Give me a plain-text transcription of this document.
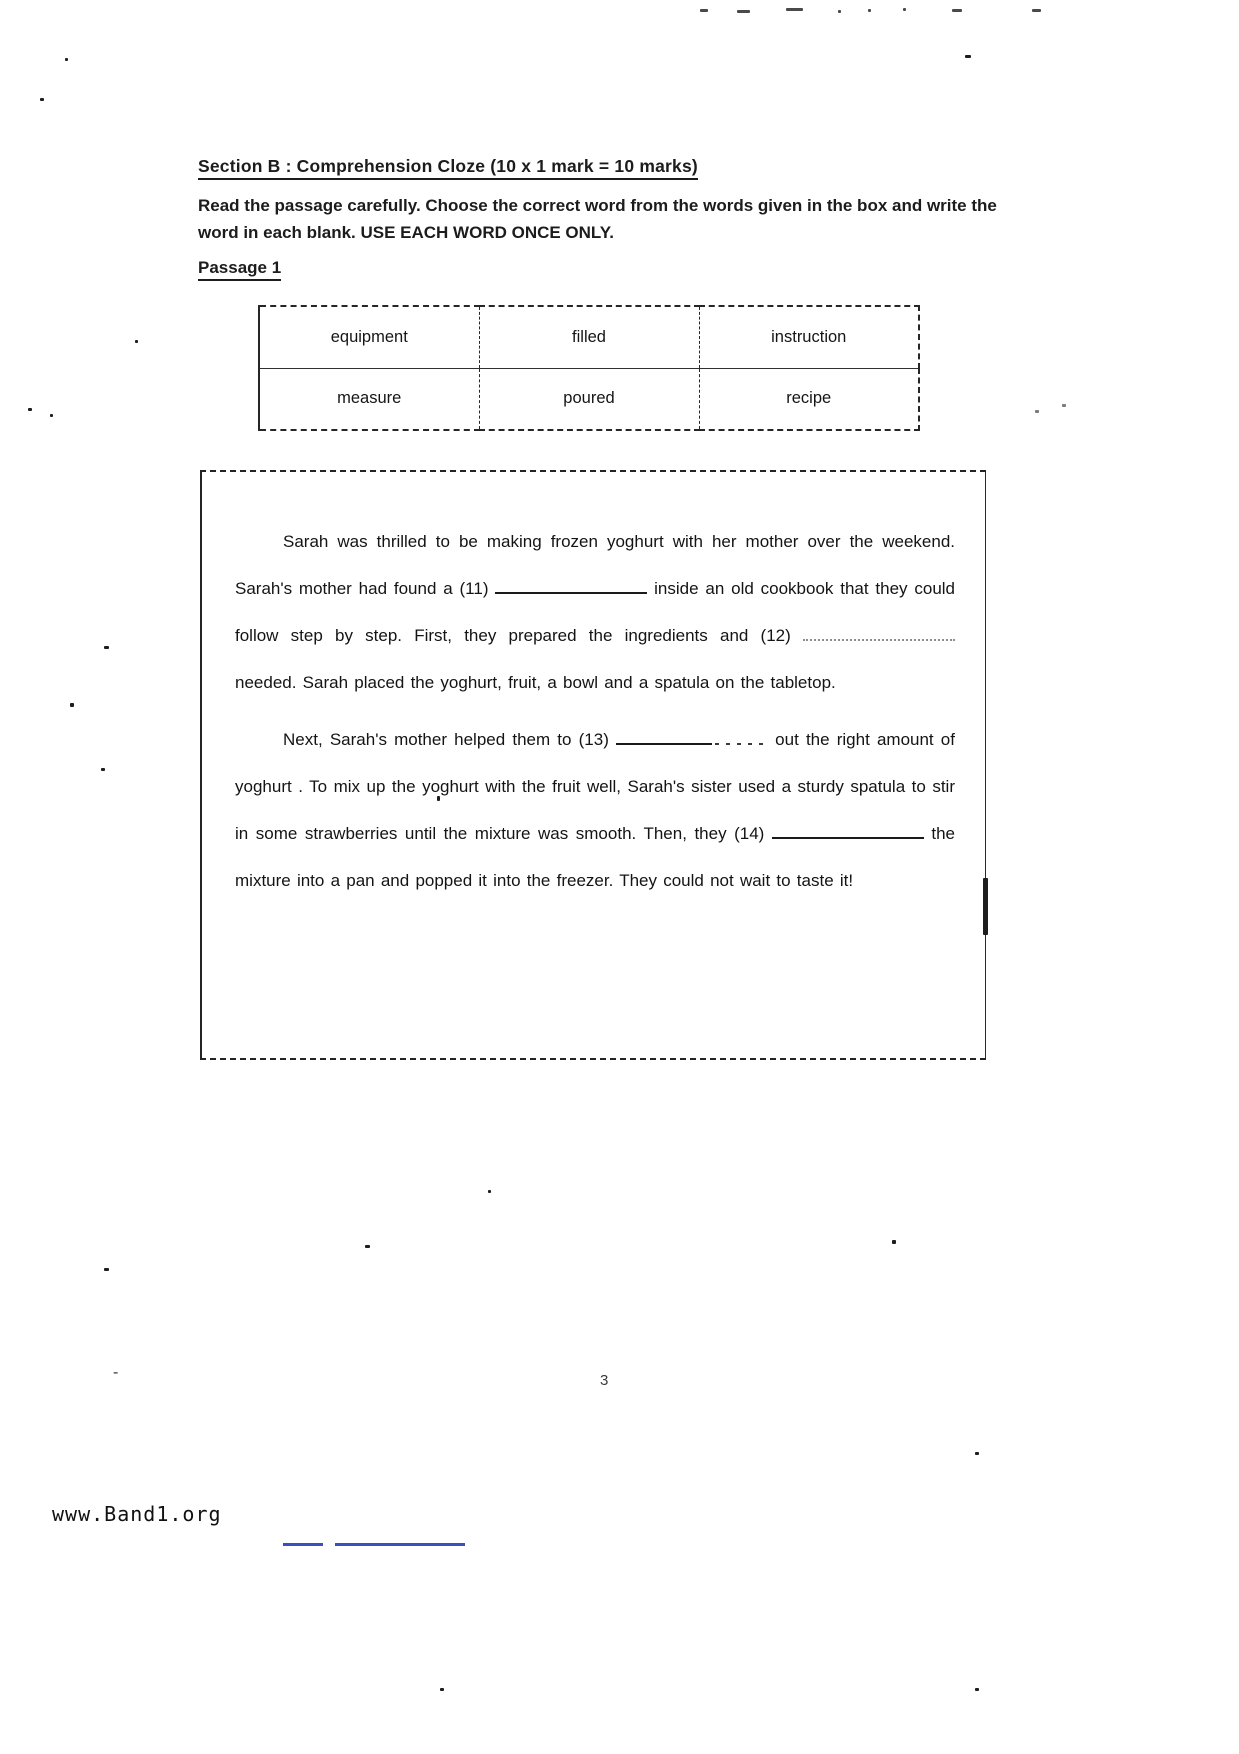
Section B : Comprehension Cloze (10 x 1 mark = 10 marks)
Read the passage carefully. Choose the correct word from the words given in the box and write the word in each blank. USE EACH WORD ONCE ONLY.
Passage 1
equipment	filled	instruction
measure	poured	recipe

Sarah was thrilled to be making frozen yoghurt with her mother over the weekend. Sarah's mother had found a (11)	inside an old cookbook that they could follow step by step. First, they prepared the ingredients and (12)  needed. Sarah placed the yoghurt, fruit, a bowl and a spatula on the tabletop.

Next, Sarah's mother helped them to (13)	out the right amount of yoghurt . To mix up the yoghurt with the fruit well, Sarah's sister used a sturdy spatula to stir in some strawberries until the mixture was smooth. Then, they (14)	the mixture into a pan and popped it into the freezer. They could not wait to taste it!

-	3
www.Band1.org
